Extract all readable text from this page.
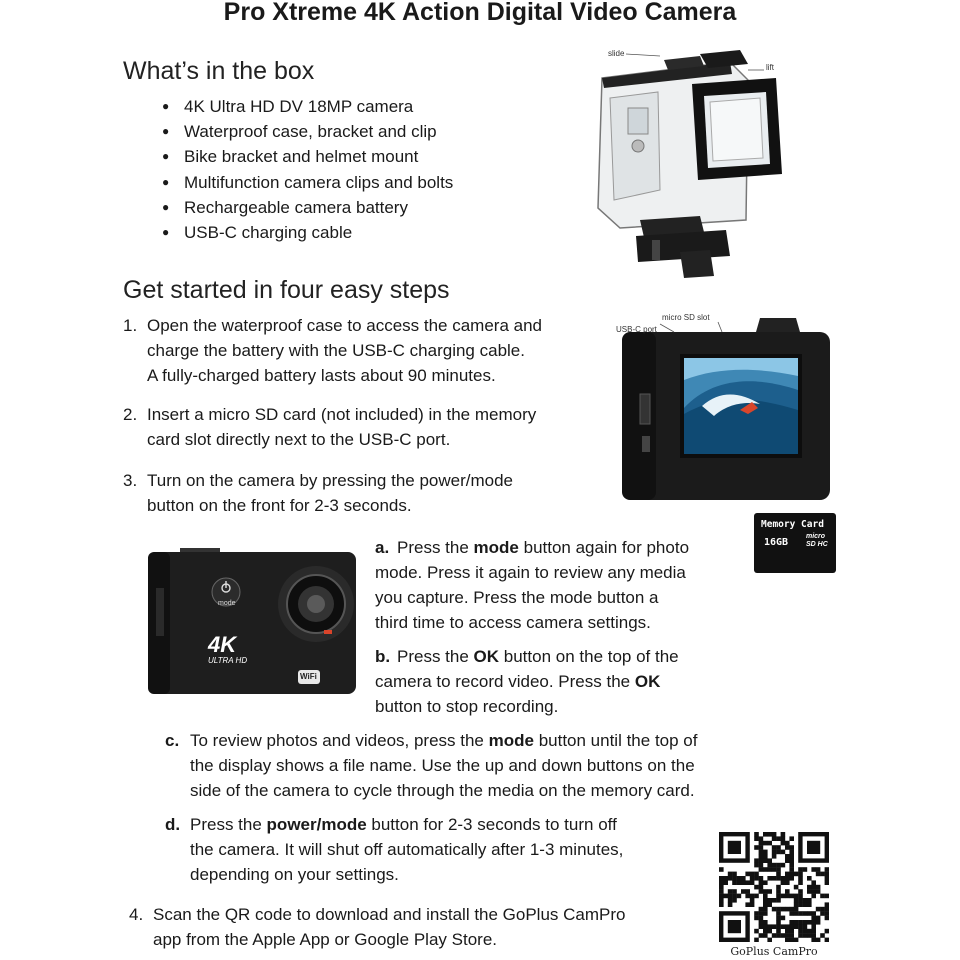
Pro Xtreme 4K Action Digital Video Camera
What’s in the box
● 4K Ultra HD DV 18MP camera
● Waterproof case, bracket and clip
● Bike bracket and helmet mount
● Multifunction camera clips and bolts
● Rechargeable camera battery
● USB-C charging cable
slide
lift
Get started in four easy steps
1. Open the waterproof case to access the camera and
charge the battery with the USB-C charging cable.
A fully-charged battery lasts about 90 minutes.
2. Insert a micro SD card (not included) in the memory
card slot directly next to the USB-C port.
3. Turn on the camera by pressing the power/mode
button on the front for 2-3 seconds.
USB-C port
micro SD slot
Memory Card
16GB
micro SD HC
mode
4K
ULTRA HD
WiFi
a. Press the mode button again for photo
mode. Press it again to review any media
you capture. Press the mode button a
third time to access camera settings.
b. Press the OK button on the top of the
camera to record video. Press the OK
button to stop recording.
c. To review photos and videos, press the mode button until the top of
the display shows a file name. Use the up and down buttons on the
side of the camera to cycle through the media on the memory card.
d. Press the power/mode button for 2-3 seconds to turn off
the camera. It will shut off automatically after 1-3 minutes,
depending on your settings.
4. Scan the QR code to download and install the GoPlus CamPro
app from the Apple App or Google Play Store.
GoPlus CamPro
